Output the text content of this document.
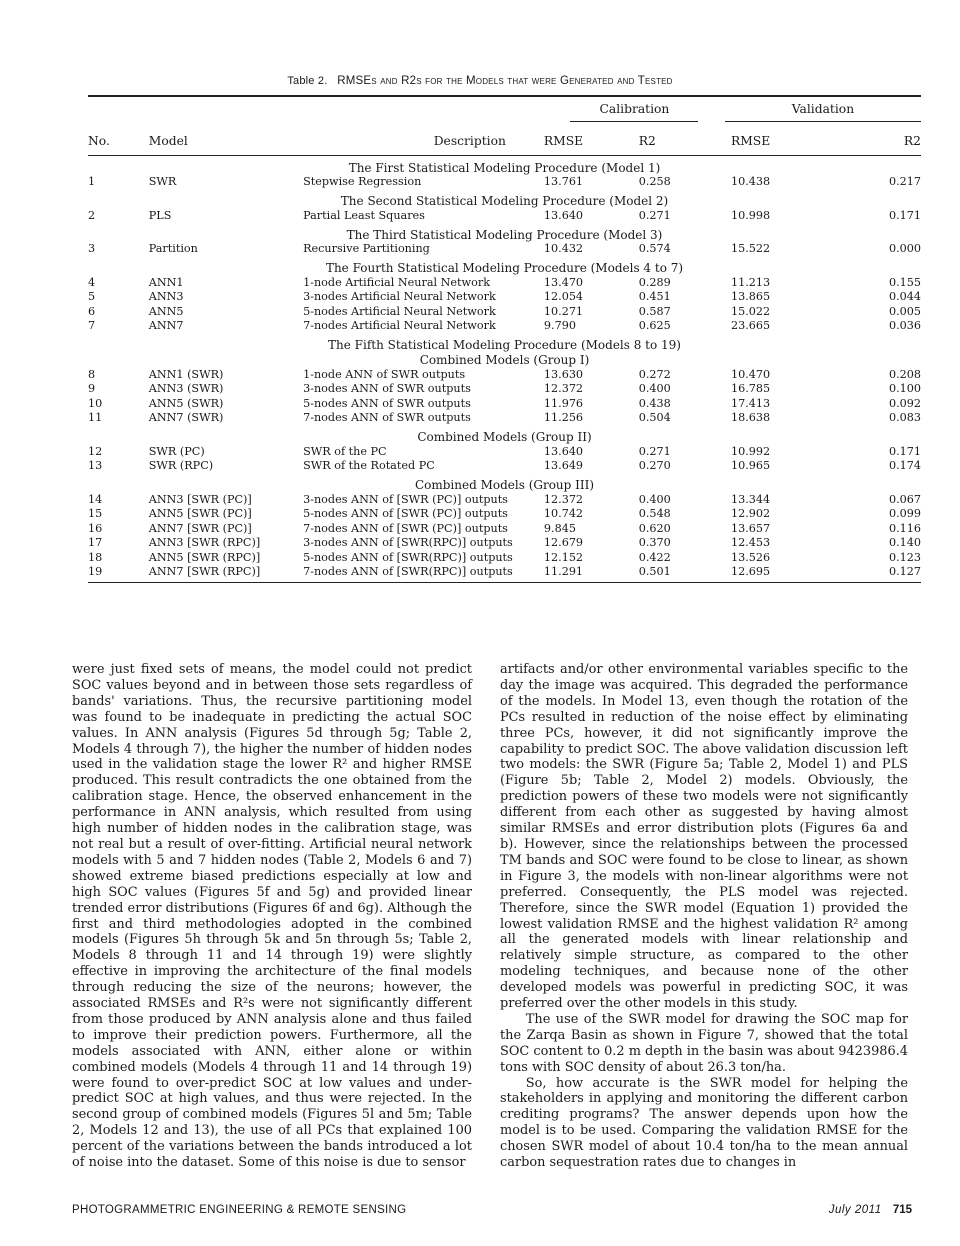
Table 2. RMSEs and R2s for the Models that were Generated and Tested
			Calibration		Validation	
No.	Model	Description	RMSE	R2	RMSE	R2
The First Statistical Modeling Procedure (Model 1)						
1	SWR	Stepwise Regression	13.761	0.258	10.438	0.217
The Second Statistical Modeling Procedure (Model 2)						
2	PLS	Partial Least Squares	13.640	0.271	10.998	0.171
The Third Statistical Modeling Procedure (Model 3)						
3	Partition	Recursive Partitioning	10.432	0.574	15.522	0.000
The Fourth Statistical Modeling Procedure (Models 4 to 7)						
4	ANN1	1-node Artificial Neural Network	13.470	0.289	11.213	0.155
5	ANN3	3-nodes Artificial Neural Network	12.054	0.451	13.865	0.044
6	ANN5	5-nodes Artificial Neural Network	10.271	0.587	15.022	0.005
7	ANN7	7-nodes Artificial Neural Network	9.790	0.625	23.665	0.036
The Fifth Statistical Modeling Procedure (Models 8 to 19)
Combined Models (Group I)						
8	ANN1 (SWR)	1-node ANN of SWR outputs	13.630	0.272	10.470	0.208
9	ANN3 (SWR)	3-nodes ANN of SWR outputs	12.372	0.400	16.785	0.100
10	ANN5 (SWR)	5-nodes ANN of SWR outputs	11.976	0.438	17.413	0.092
11	ANN7 (SWR)	7-nodes ANN of SWR outputs	11.256	0.504	18.638	0.083
Combined Models (Group II)						
12	SWR (PC)	SWR of the PC	13.640	0.271	10.992	0.171
13	SWR (RPC)	SWR of the Rotated PC	13.649	0.270	10.965	0.174
Combined Models (Group III)						
14	ANN3 [SWR (PC)]	3-nodes ANN of [SWR (PC)] outputs	12.372	0.400	13.344	0.067
15	ANN5 [SWR (PC)]	5-nodes ANN of [SWR (PC)] outputs	10.742	0.548	12.902	0.099
16	ANN7 [SWR (PC)]	7-nodes ANN of [SWR (PC)] outputs	9.845	0.620	13.657	0.116
17	ANN3 [SWR (RPC)]	3-nodes ANN of [SWR(RPC)] outputs	12.679	0.370	12.453	0.140
18	ANN5 [SWR (RPC)]	5-nodes ANN of [SWR(RPC)] outputs	12.152	0.422	13.526	0.123
19	ANN7 [SWR (RPC)]	7-nodes ANN of [SWR(RPC)] outputs	11.291	0.501	12.695	0.127

were just fixed sets of means, the model could not predict SOC values beyond and in between those sets regardless of bands' variations. Thus, the recursive partitioning model was found to be inadequate in predicting the actual SOC values. In ANN analysis (Figures 5d through 5g; Table 2, Models 4 through 7), the higher the number of hidden nodes used in the validation stage the lower R² and higher RMSE produced. This result contradicts the one obtained from the calibration stage. Hence, the observed enhancement in the performance in ANN analysis, which resulted from using high number of hidden nodes in the calibration stage, was not real but a result of over-fitting. Artificial neural network models with 5 and 7 hidden nodes (Table 2, Models 6 and 7) showed extreme biased predictions especially at low and high SOC values (Figures 5f and 5g) and provided linear trended error distributions (Figures 6f and 6g). Although the first and third methodologies adopted in the combined models (Figures 5h through 5k and 5n through 5s; Table 2, Models 8 through 11 and 14 through 19) were slightly effective in improving the architecture of the final models through reducing the size of the neurons; however, the associated RMSEs and R²s were not significantly different from those produced by ANN analysis alone and thus failed to improve their prediction powers. Furthermore, all the models associated with ANN, either alone or within combined models (Models 4 through 11 and 14 through 19) were found to over-predict SOC at low values and under-predict SOC at high values, and thus were rejected. In the second group of combined models (Figures 5l and 5m; Table 2, Models 12 and 13), the use of all PCs that explained 100 percent of the variations between the bands introduced a lot of noise into the dataset. Some of this noise is due to sensor

artifacts and/or other environmental variables specific to the day the image was acquired. This degraded the performance of the models. In Model 13, even though the rotation of the PCs resulted in reduction of the noise effect by eliminating three PCs, however, it did not significantly improve the capability to predict SOC. The above validation discussion left two models: the SWR (Figure 5a; Table 2, Model 1) and PLS (Figure 5b; Table 2, Model 2) models. Obviously, the prediction powers of these two models were not significantly different from each other as suggested by having almost similar RMSEs and error distribution plots (Figures 6a and b). However, since the relationships between the processed TM bands and SOC were found to be close to linear, as shown in Figure 3, the models with non-linear algorithms were not preferred. Consequently, the PLS model was rejected. Therefore, since the SWR model (Equation 1) provided the lowest validation RMSE and the highest validation R² among all the generated models with linear relationship and relatively simple structure, as compared to the other modeling techniques, and because none of the other developed models was powerful in predicting SOC, it was preferred over the other models in this study.

The use of the SWR model for drawing the SOC map for the Zarqa Basin as shown in Figure 7, showed that the total SOC content to 0.2 m depth in the basin was about 9423986.4 tons with SOC density of about 26.3 ton/ha.

So, how accurate is the SWR model for helping the stakeholders in applying and monitoring the different carbon crediting programs? The answer depends upon how the model is to be used. Comparing the validation RMSE for the chosen SWR model of about 10.4 ton/ha to the mean annual carbon sequestration rates due to changes in

PHOTOGRAMMETRIC ENGINEERING & REMOTE SENSING	July 2011 715
